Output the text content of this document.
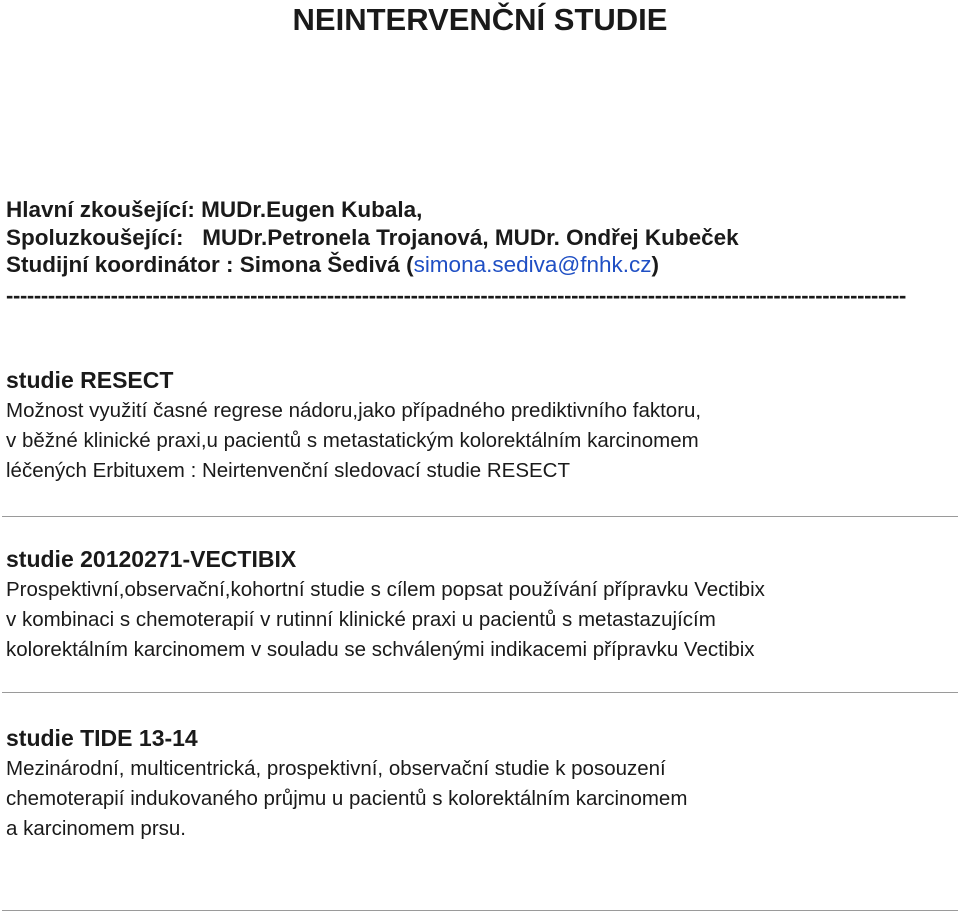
NEINTERVENČNÍ STUDIE
Hlavní zkoušející: MUDr.Eugen Kubala,
Spoluzkoušející: MUDr.Petronela Trojanová, MUDr. Ondřej Kubeček
Studijní koordinátor : Simona Šedivá (simona.sediva@fnhk.cz)
---------------------------------------------------------------------------------------------------------------------------------
studie RESECT
Možnost využití časné regrese nádoru,jako případného prediktivního faktoru,
v běžné klinické praxi,u pacientů s metastatickým kolorektálním karcinomem
léčených Erbituxem : Neirtenvenční sledovací studie RESECT
studie 20120271-VECTIBIX
Prospektivní,observační,kohortní studie s cílem popsat používání přípravku Vectibix
v kombinaci s chemoterapií v rutinní klinické praxi u pacientů s metastazujícím
kolorektálním karcinomem v souladu se schválenými indikacemi přípravku Vectibix
studie TIDE 13-14
Mezinárodní, multicentrická, prospektivní, observační studie k posouzení
chemoterapií indukovaného průjmu u pacientů s kolorektálním karcinomem
a karcinomem prsu.
